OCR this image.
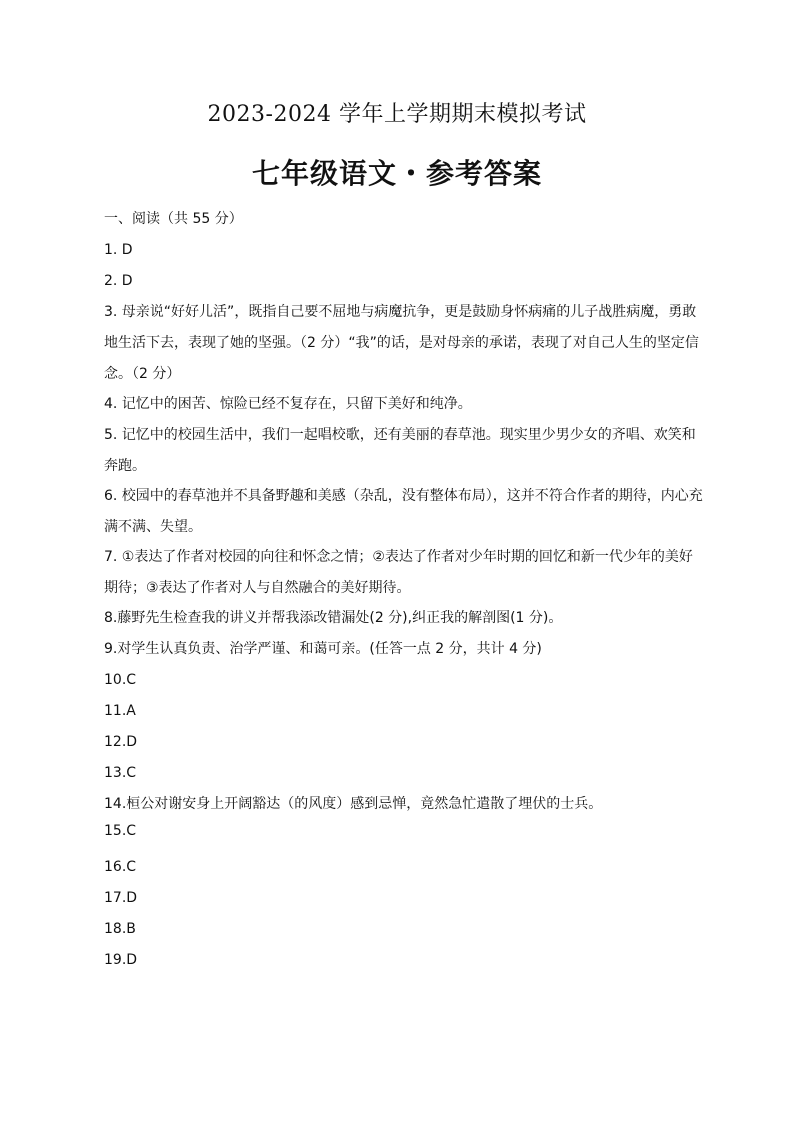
2023-2024 学年上学期期末模拟考试
七年级语文・参考答案
一、阅读（共 55 分）
1. D
2. D
3. 母亲说“好好儿活”，既指自己要不屈地与病魔抗争，更是鼓励身怀病痛的儿子战胜病魔，勇敢地生活下去，表现了她的坚强。（2 分）“我”的话，是对母亲的承诺，表现了对自己人生的坚定信念。（2 分）
4. 记忆中的困苦、惊险已经不复存在，只留下美好和纯净。
5. 记忆中的校园生活中，我们一起唱校歌，还有美丽的春草池。现实里少男少女的齐唱、欢笑和奔跑。
6. 校园中的春草池并不具备野趣和美感（杂乱，没有整体布局），这并不符合作者的期待，内心充满不满、失望。
7. ①表达了作者对校园的向往和怀念之情；②表达了作者对少年时期的回忆和新一代少年的美好期待；③表达了作者对人与自然融合的美好期待。
8.藤野先生检查我的讲义并帮我添改错漏处(2 分),纠正我的解剖图(1 分)。
9.对学生认真负责、治学严谨、和蔼可亲。(任答一点 2 分，共计 4 分)
10.C
11.A
12.D
13.C
14.桓公对谢安身上开阔豁达（的风度）感到忌惮，竟然急忙遣散了埋伏的士兵。
15.C
16.C
17.D
18.B
19.D
